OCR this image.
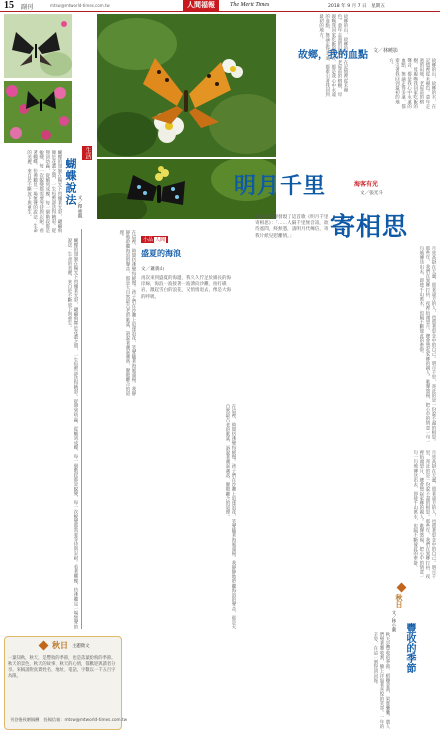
15 副刊	mtsw@mtworld-times.com.tw	人間福報	The Merit Times	2018 年 9 月 7 日　星期五
生活
蝴蝶說法
文／釋惠靚
蝴蝶的翅膀在陽光下閃爍著光彩，翩翩飛舞於花叢之間，一生短暫卻活得精彩。從卵到幼蟲，從蛹到成蝶，每一個階段都是蛻變，每一次蛻變都需要等待與忍耐。看著蝴蝶，彷彿聽見一場無聲的說法：生命的美麗，來自於不斷放下與重生。
蝴蝶的翅膀在陽光下閃爍著光彩，翩翩飛舞於花叢之間，一生短暫卻活得精彩。從卵到幼蟲，從蛹到成蝶，每一個階段都是蛻變，每一次蛻變都需要等待與忍耐。看著蝴蝶，彷彿聽見一場無聲的說法：生命的美麗，來自於不斷放下與重生。
故鄉的山，故鄉的水，在記憶裡從未褪色。童年走過的田埂，老屋前的榕樹，母親喚我回家吃飯的聲音，都是我心中永遠的血點，無論走得多遠，都牽引著我回到最初的地方。
故鄉的山，故鄉的水，在記憶裡從未褪色。童年走過的田埂，老屋前的榕樹，母親喚我回家吃飯的聲音，都是我心中永遠的血點，無論走得多遠，都牽引著我回到最初的地方。
故鄉，我的血點 文／林曉影
明月千里	海客有光
文／張光斗
寄相思
我在歌單裡發現了這首歌《明月千里寄相思》：「……人隔千里無音訊，欲待遙問，終無憑，請明月代傳信，寄我片紙兒慰離情。」
月亮高掛在天邊，照著遠方的人，也照著思念中的自己。明月千里，寄託的是一份說不盡的相思。那些年，我們在異鄉打拚，夜裡抬頭望月，總會想起家鄉的親人。歌聲悠揚，把心中的情意一句一句地傳送出去，即使千山萬水，也隔不斷彼此的牽掛。
月亮高掛在天邊，照著遠方的人，也照著思念中的自己。明月千里，寄託的是一份說不盡的相思。那些年，我們在異鄉打拚，夜裡抬頭望月，總會想起家鄉的親人。歌聲悠揚，把心中的情意一句一句地傳送出去，即使千山萬水，也隔不斷彼此的牽掛。
小品 人間
盛夏的海浪
文／蕭義山
再次來到盛夏的海邊，我久久佇足於綿長的海岸線，海浪一波接著一波湧向沙灘，拍打礁岩，激起雪白的浪花，又悄悄退去，像是大海的呼吸。
在這裡，時間彷彿變得緩慢。孩子們在沙灘上追逐浪花，笑聲隨著海風遠揚。我靜靜地聆聽海浪的聲音，那是大自然最古老的歌謠，訴說著潮起潮落、聚散離合的道理。
在這裡，時間彷彿變得緩慢。孩子們在沙灘上追逐浪花，笑聲隨著海風遠揚。我靜靜地聆聽海浪的聲音，那是大自然最古老的歌謠，訴說著潮起潮落、聚散離合的道理。
秋日 主題徵文
一葉知秋，秋天，是豐收的季節，也是落葉紛飛的季節。秋天的景色、秋天的故事、秋天的心情，都歡迎與讀者分享。來稿請附真實姓名、地址、電話，字數以一千五百字為限。
刊登後致贈稿酬　投稿信箱：mtsw@mtworld-times.com.tw	秋天是豐收的季節，稻穗金黃，果實纍纍。農人們彎著腰收割，臉上洋溢著喜悅的笑容。一年的辛勞，在這一刻得到回報。
秋日
文／林小蘭
豐收的季節
